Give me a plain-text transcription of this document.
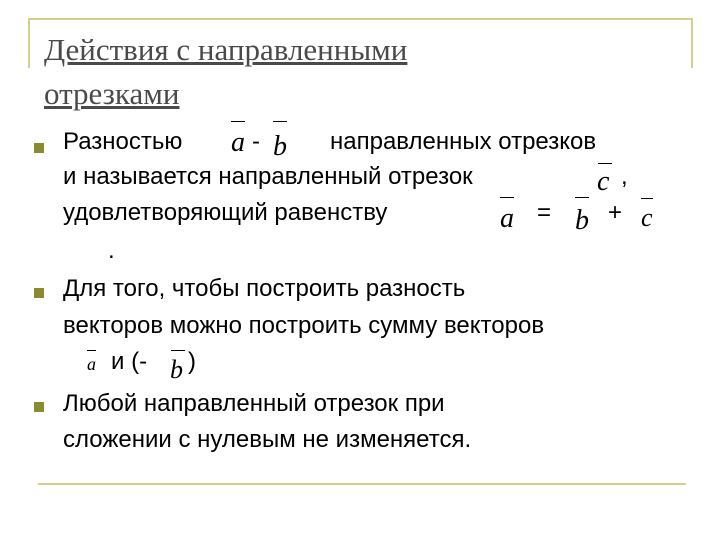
Действия с направленными
отрезками
Разностью a - b направленных отрезков
и называется направленный отрезок	c ,
удовлетворяющий равенству	a = b + c
.
Для того, чтобы построить разность
векторов можно построить сумму векторов
a и (- b )
Любой направленный отрезок при
сложении с нулевым не изменяется.
